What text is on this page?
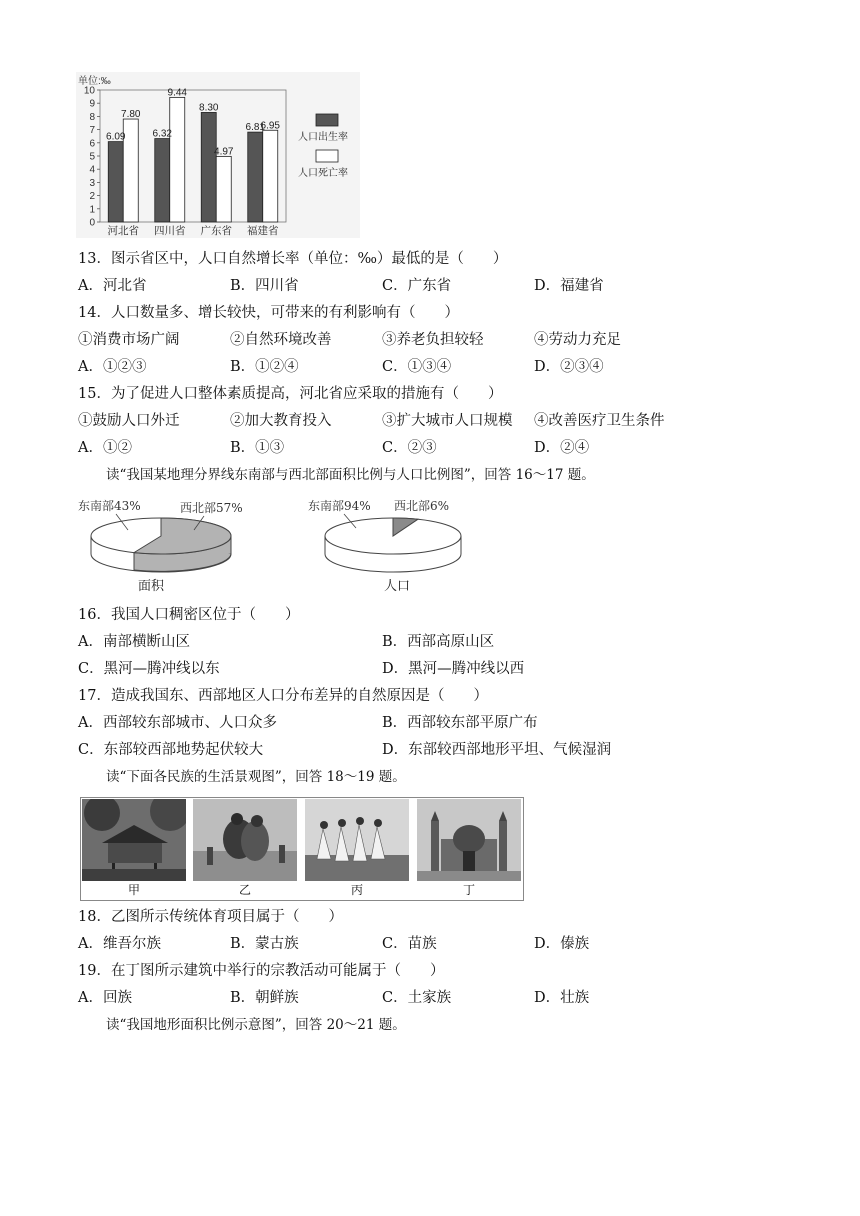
单位:‰
0
1
2
3
4
5
6
7
8
9
10
6.09
7.80
6.32
9.44
8.30
4.97
6.81
6.95
河北省 四川省 广东省 福建省
人口出生率
人口死亡率
13．图示省区中，人口自然增长率（单位：‰）最低的是（　　）
A．河北省	B．四川省	C．广东省	D．福建省
14．人口数量多、增长较快，可带来的有利影响有（　　）
①消费市场广阔	②自然环境改善	③养老负担较轻	④劳动力充足
A．①②③	B．①②④	C．①③④	D．②③④
15．为了促进人口整体素质提高，河北省应采取的措施有（　　）
①鼓励人口外迁	②加大教育投入	③扩大城市人口规模 ④改善医疗卫生条件
A．①②	B．①③	C．②③	D．②④
读“我国某地理分界线东南部与西北部面积比例与人口比例图”，回答 16～17 题。
东南部43%	西北部57%
面积
东南部94% 西北部6%
人口
16．我国人口稠密区位于（　　）
A．南部横断山区	B．西部高原山区
C．黑河—腾冲线以东	D．黑河—腾冲线以西
17．造成我国东、西部地区人口分布差异的自然原因是（　　）
A．西部较东部城市、人口众多	B．西部较东部平原广布
C．东部较西部地势起伏较大	D．东部较西部地形平坦、气候湿润
读“下面各民族的生活景观图”，回答 18～19 题。
甲	乙	丙	丁
18．乙图所示传统体育项目属于（　　）
A．维吾尔族	B．蒙古族	C．苗族	D．傣族
19．在丁图所示建筑中举行的宗教活动可能属于（　　）
A．回族	B．朝鲜族	C．土家族	D．壮族
读“我国地形面积比例示意图”，回答 20～21 题。
